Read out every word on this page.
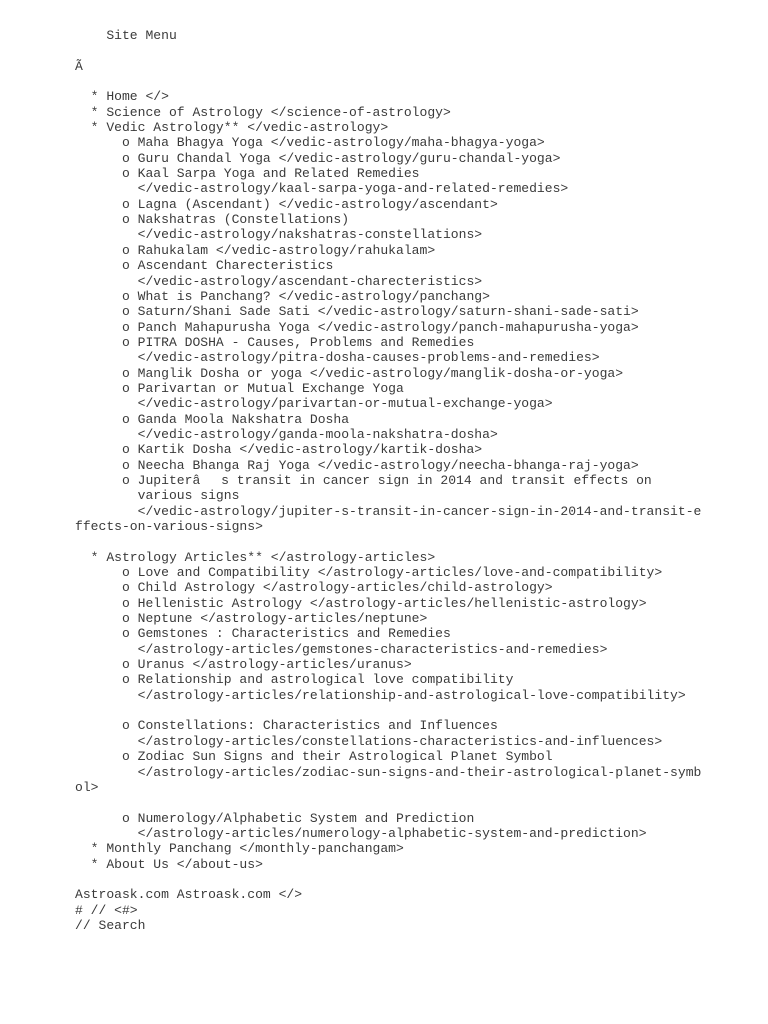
Site Menu
Ã
* Home </>
* Science of Astrology </science-of-astrology>
* Vedic Astrology** </vedic-astrology>
o Maha Bhagya Yoga </vedic-astrology/maha-bhagya-yoga>
o Guru Chandal Yoga </vedic-astrology/guru-chandal-yoga>
o Kaal Sarpa Yoga and Related Remedies
</vedic-astrology/kaal-sarpa-yoga-and-related-remedies>
o Lagna (Ascendant) </vedic-astrology/ascendant>
o Nakshatras (Constellations)
</vedic-astrology/nakshatras-constellations>
o Rahukalam </vedic-astrology/rahukalam>
o Ascendant Charecteristics
</vedic-astrology/ascendant-charecteristics>
o What is Panchang? </vedic-astrology/panchang>
o Saturn/Shani Sade Sati </vedic-astrology/saturn-shani-sade-sati>
o Panch Mahapurusha Yoga </vedic-astrology/panch-mahapurusha-yoga>
o PITRA DOSHA - Causes, Problems and Remedies
</vedic-astrology/pitra-dosha-causes-problems-and-remedies>
o Manglik Dosha or yoga </vedic-astrology/manglik-dosha-or-yoga>
o Parivartan or Mutual Exchange Yoga
</vedic-astrology/parivartan-or-mutual-exchange-yoga>
o Ganda Moola Nakshatra Dosha
</vedic-astrology/ganda-moola-nakshatra-dosha>
o Kartik Dosha </vedic-astrology/kartik-dosha>
o Neecha Bhanga Raj Yoga </vedic-astrology/neecha-bhanga-raj-yoga>
o Jupiterâs transit in cancer sign in 2014 and transit effects on
various signs
</vedic-astrology/jupiter-s-transit-in-cancer-sign-in-2014-and-transit-e
ffects-on-various-signs>
* Astrology Articles** </astrology-articles>
o Love and Compatibility </astrology-articles/love-and-compatibility>
o Child Astrology </astrology-articles/child-astrology>
o Hellenistic Astrology </astrology-articles/hellenistic-astrology>
o Neptune </astrology-articles/neptune>
o Gemstones : Characteristics and Remedies
</astrology-articles/gemstones-characteristics-and-remedies>
o Uranus </astrology-articles/uranus>
o Relationship and astrological love compatibility
</astrology-articles/relationship-and-astrological-love-compatibility>
o Constellations: Characteristics and Influences
</astrology-articles/constellations-characteristics-and-influences>
o Zodiac Sun Signs and their Astrological Planet Symbol
</astrology-articles/zodiac-sun-signs-and-their-astrological-planet-symb
ol>
o Numerology/Alphabetic System and Prediction
</astrology-articles/numerology-alphabetic-system-and-prediction>
* Monthly Panchang </monthly-panchangam>
* About Us </about-us>
Astroask.com Astroask.com </>
# // <#>
// Search
